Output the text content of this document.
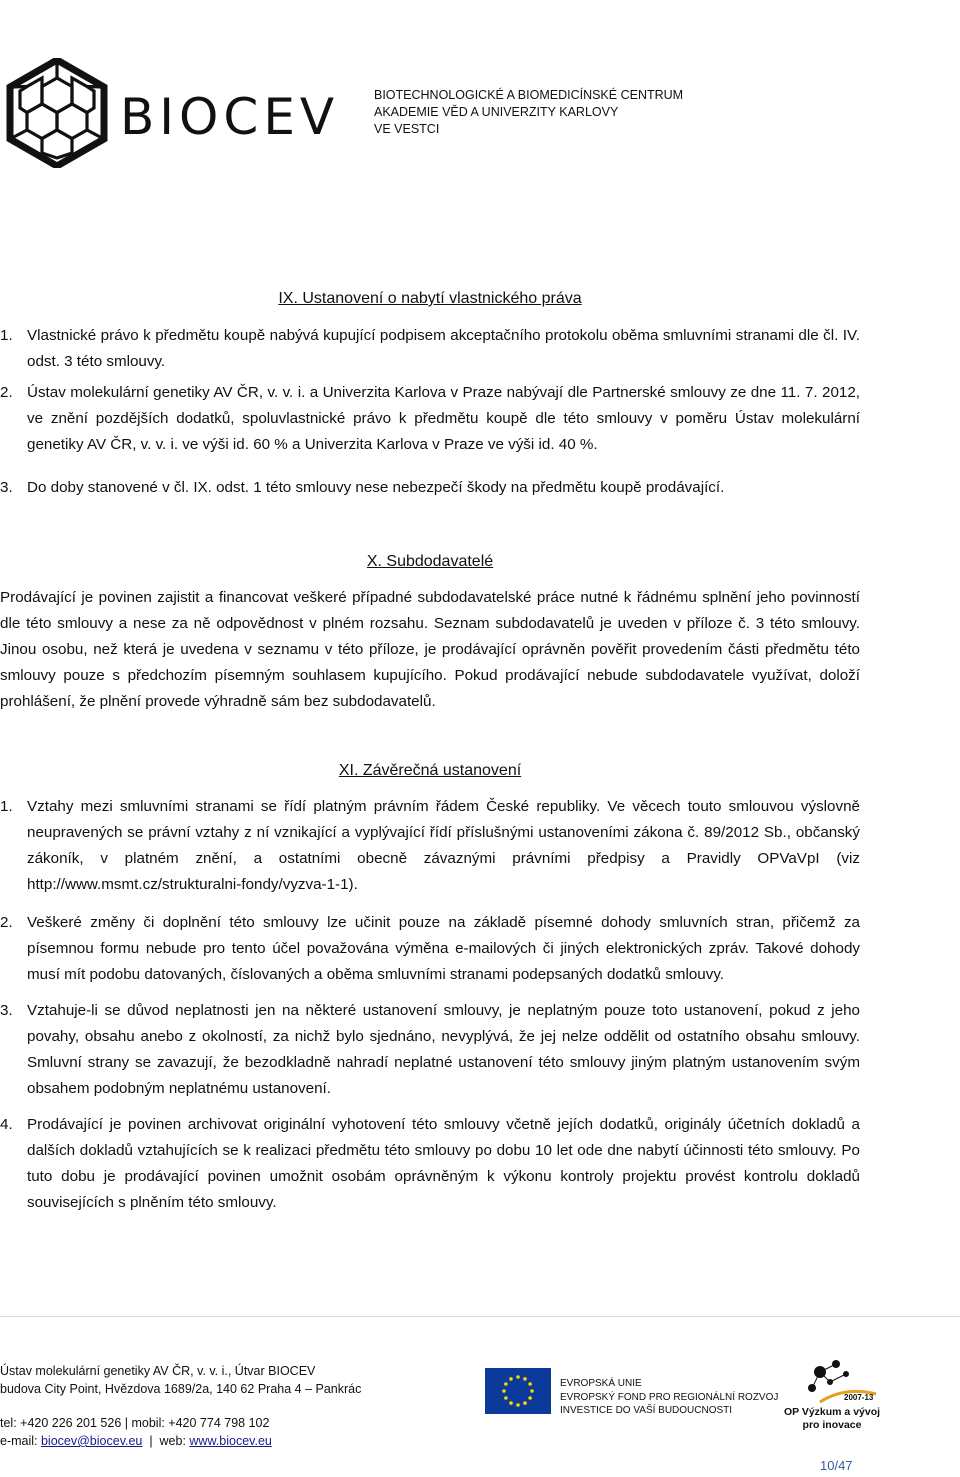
BIOCEV	BIOTECHNOLOGICKÉ A BIOMEDICÍNSKÉ CENTRUM
AKADEMIE VĚD A UNIVERZITY KARLOVY
VE VESTCI
IX. Ustanovení o nabytí vlastnického práva
1. Vlastnické právo k předmětu koupě nabývá kupující podpisem akceptačního protokolu oběma smluvními stranami dle čl. IV. odst. 3 této smlouvy.
2. Ústav molekulární genetiky AV ČR, v. v. i. a Univerzita Karlova v Praze nabývají dle Partnerské smlouvy ze dne 11. 7. 2012, ve znění pozdějších dodatků, spoluvlastnické právo k předmětu koupě dle této smlouvy v poměru Ústav molekulární genetiky AV ČR, v. v. i. ve výši id. 60 % a Univerzita Karlova v Praze ve výši id. 40 %.
3. Do doby stanovené v čl. IX. odst. 1 této smlouvy nese nebezpečí škody na předmětu koupě prodávající.
X. Subdodavatelé
Prodávající je povinen zajistit a financovat veškeré případné subdodavatelské práce nutné k řádnému splnění jeho povinností dle této smlouvy a nese za ně odpovědnost v plném rozsahu. Seznam subdodavatelů je uveden v příloze č. 3 této smlouvy. Jinou osobu, než která je uvedena v seznamu v této příloze, je prodávající oprávněn pověřit provedením části předmětu této smlouvy pouze s předchozím písemným souhlasem kupujícího. Pokud prodávající nebude subdodavatele využívat, doloží prohlášení, že plnění provede výhradně sám bez subdodavatelů.
XI. Závěrečná ustanovení
1. Vztahy mezi smluvními stranami se řídí platným právním řádem České republiky. Ve věcech touto smlouvou výslovně neupravených se právní vztahy z ní vznikající a vyplývající řídí příslušnými ustanoveními zákona č. 89/2012 Sb., občanský zákoník, v platném znění, a ostatními obecně závaznými právními předpisy a Pravidly OPVaVpI (viz http://www.msmt.cz/strukturalni-fondy/vyzva-1-1).
2. Veškeré změny či doplnění této smlouvy lze učinit pouze na základě písemné dohody smluvních stran, přičemž za písemnou formu nebude pro tento účel považována výměna e-mailových či jiných elektronických zpráv. Takové dohody musí mít podobu datovaných, číslovaných a oběma smluvními stranami podepsaných dodatků smlouvy.
3. Vztahuje-li se důvod neplatnosti jen na některé ustanovení smlouvy, je neplatným pouze toto ustanovení, pokud z jeho povahy, obsahu anebo z okolností, za nichž bylo sjednáno, nevyplývá, že jej nelze oddělit od ostatního obsahu smlouvy. Smluvní strany se zavazují, že bezodkladně nahradí neplatné ustanovení této smlouvy jiným platným ustanovením svým obsahem podobným neplatnému ustanovení.
4. Prodávající je povinen archivovat originální vyhotovení této smlouvy včetně jejích dodatků, originály účetních dokladů a dalších dokladů vztahujících se k realizaci předmětu této smlouvy po dobu 10 let ode dne nabytí účinnosti této smlouvy. Po tuto dobu je prodávající povinen umožnit osobám oprávněným k výkonu kontroly projektu provést kontrolu dokladů souvisejících s plněním této smlouvy.
Ústav molekulární genetiky AV ČR, v. v. i., Útvar BIOCEV
budova City Point, Hvězdova 1689/2a, 140 62 Praha 4 – Pankrác
tel: +420 226 201 526 | mobil: +420 774 798 102
e-mail: biocev@biocev.eu  |  web: www.biocev.eu
EVROPSKÁ UNIE
EVROPSKÝ FOND PRO REGIONÁLNÍ ROZVOJ
INVESTICE DO VAŠÍ BUDOUCNOSTI
2007-13
OP Výzkum a vývoj
pro inovace
10/47
